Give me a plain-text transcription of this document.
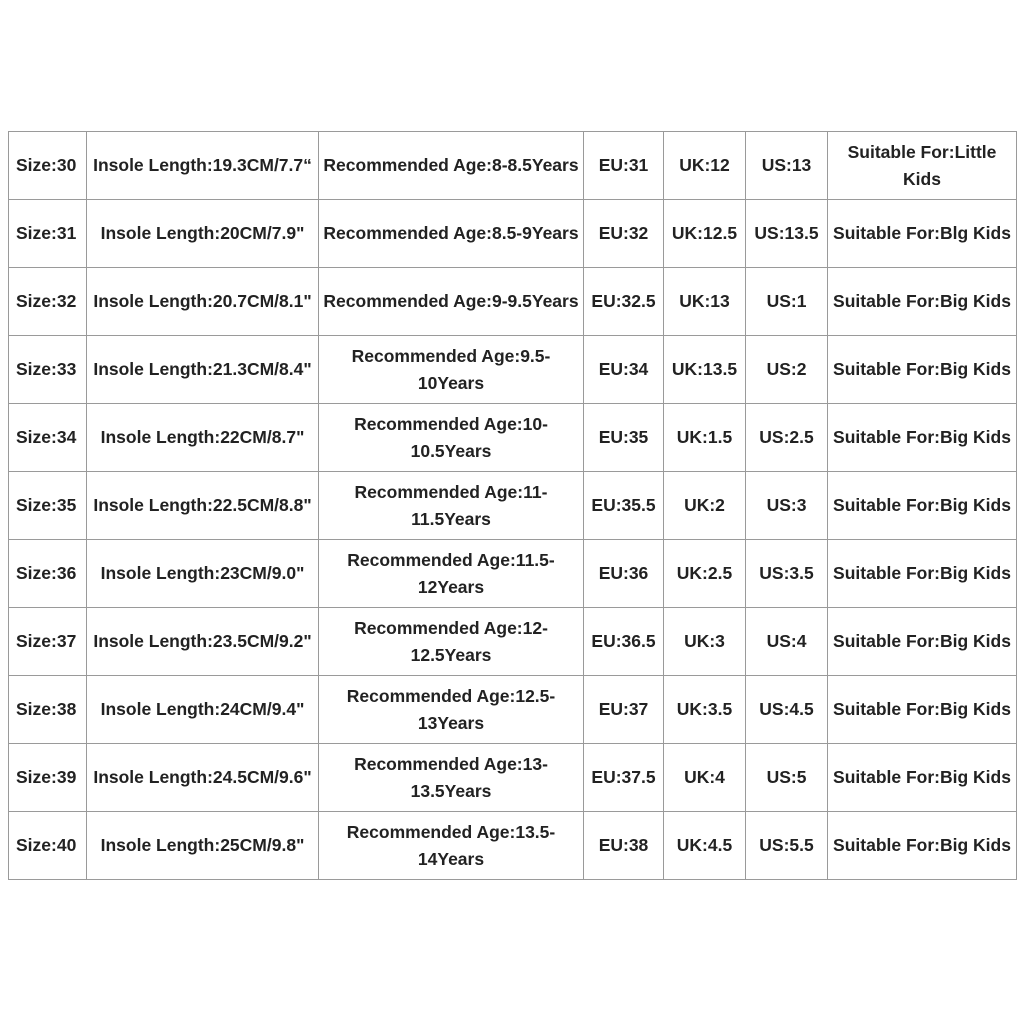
Size:30	Insole Length:19.3CM/7.7“	Recommended Age:8-8.5Years	EU:31	UK:12	US:13	Suitable For:Little Kids
Size:31	Insole Length:20CM/7.9"	Recommended Age:8.5-9Years	EU:32	UK:12.5	US:13.5	Suitable For:Blg Kids
Size:32	Insole Length:20.7CM/8.1"	Recommended Age:9-9.5Years	EU:32.5	UK:13	US:1	Suitable For:Big Kids
Size:33	Insole Length:21.3CM/8.4"	Recommended Age:9.5-10Years	EU:34	UK:13.5	US:2	Suitable For:Big Kids
Size:34	Insole Length:22CM/8.7"	Recommended Age:10-10.5Years	EU:35	UK:1.5	US:2.5	Suitable For:Big Kids
Size:35	Insole Length:22.5CM/8.8"	Recommended Age:11-11.5Years	EU:35.5	UK:2	US:3	Suitable For:Big Kids
Size:36	Insole Length:23CM/9.0"	Recommended Age:11.5-12Years	EU:36	UK:2.5	US:3.5	Suitable For:Big Kids
Size:37	Insole Length:23.5CM/9.2"	Recommended Age:12-12.5Years	EU:36.5	UK:3	US:4	Suitable For:Big Kids
Size:38	Insole Length:24CM/9.4"	Recommended Age:12.5-13Years	EU:37	UK:3.5	US:4.5	Suitable For:Big Kids
Size:39	Insole Length:24.5CM/9.6"	Recommended Age:13-13.5Years	EU:37.5	UK:4	US:5	Suitable For:Big Kids
Size:40	Insole Length:25CM/9.8"	Recommended Age:13.5-14Years	EU:38	UK:4.5	US:5.5	Suitable For:Big Kids
